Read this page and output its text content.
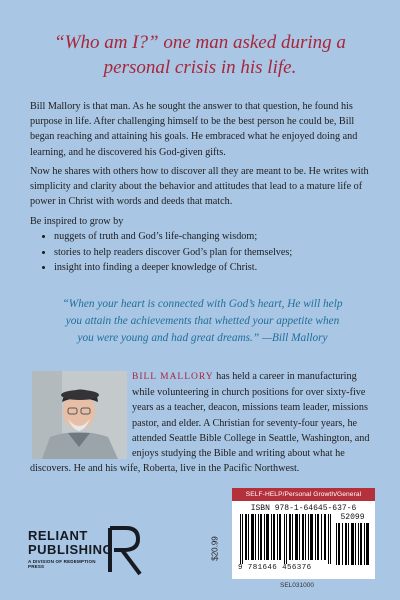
“Who am I?” one man asked during a
personal crisis in his life.

Bill Mallory is that man. As he sought the answer to that question, he found his purpose in life. After challenging himself to be the best person he could be, Bill began reaching and attaining his goals. He embraced what he enjoyed doing and learning, and he discovered his God-given gifts.

Now he shares with others how to discover all they are meant to be. He writes with simplicity and clarity about the behavior and attitudes that lead to a mature life of power in Christ with words and deeds that match.

Be inspired to grow by

• nuggets of truth and God’s life-changing wisdom;
• stories to help readers discover God’s plan for themselves;
• insight into finding a deeper knowledge of Christ.
“When your heart is connected with God’s heart, He will help
you attain the achievements that whetted your appetite when
you were young and had great dreams.” —Bill Mallory

BILL MALLORY has held a career in manufacturing while volunteering in church positions for over sixty-five years as a teacher, deacon, missions team leader, missions pastor, and elder. A Christian for seventy-four years, he attended Seattle Bible College in Seattle, Washington, and enjoys studying the Bible and writing about what he discovers. He and his wife, Roberta, live in the Pacific Northwest.

RELIANT
PUBLISHING
A DIVISION OF REDEMPTION PRESS
$20.99
SELF-HELP/Personal Growth/General
ISBN 978-1-64645-637-6
52099
9 781646 456376
SEL031000
